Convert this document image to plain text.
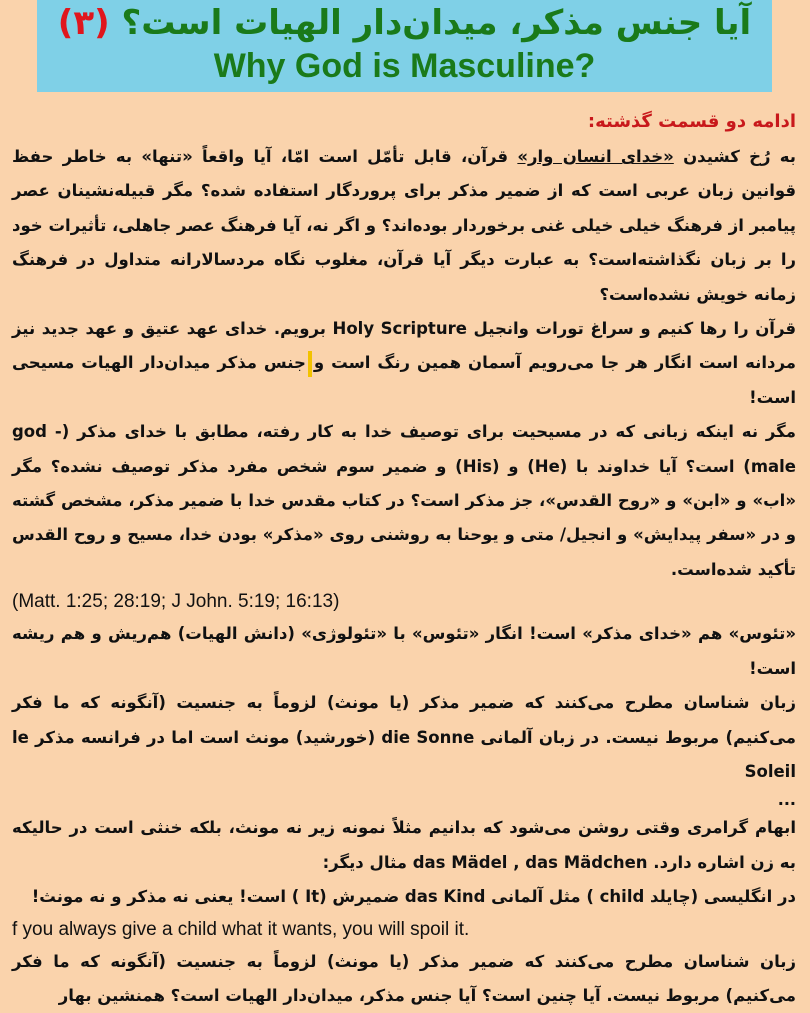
آیا جنس مذکر، میدان‌دار الهیات است؟ (۳)
Why God is Masculine?

ادامه دو قسمت گذشته:

به رُخ کشیدن «خدای انسان وار» قرآن، قابل تأمّل است امّا، آیا واقعاً «تنها» به خاطر حفظ قوانین زبان عربی است که از ضمیر مذکر برای پروردگار استفاده شده؟ مگر قبیله‌نشینان عصر پیامبر از فرهنگ خیلی خیلی غنی برخوردار بوده‌اند؟ و اگر نه، آیا فرهنگ عصر جاهلی، تأثیرات خود را بر زبان نگذاشته‌است؟ به عبارت دیگر آیا قرآن، مغلوب نگاه مردسالارانه متداول در فرهنگ زمانه خویش نشده‌است؟

قرآن را رها کنیم و سراغ تورات وانجیل Holy Scripture برویم. خدای عهد عتیق و عهد جدید نیز مردانه است انگار هر جا می‌رویم آسمان همین رنگ است وجنس مذکر میدان‌دار الهیات مسیحی است!

مگر نه اینکه زبانی که در مسیحیت برای توصیف خدا به کار رفته، مطابق با خدای مذکر (god - male) است؟ آیا خداوند با (He) و (His) و ضمیر سوم شخص مفرد مذکر توصیف نشده؟ مگر «اب» و «ابن» و «روح القدس»، جز مذکر است؟ در کتاب مقدس خدا با ضمیر مذکر، مشخص گشته و در «سفر پیدایش» و انجیل/ متی و یوحنا به روشنی روی «مذکر» بودن خدا، مسیح و روح القدس تأکید شده‌است.

(Matt. 1:25; 28:19; J John. 5:19; 16:13)

«تئوس» هم «خدای مذکر» است! انگار «تئوس» با «تئولوژی» (دانش الهیات) هم‌ریش و هم ریشه است!

زبان شناسان مطرح می‌کنند که ضمیر مذکر (یا مونث) لزوماً به جنسیت (آنگونه که ما فکر می‌کنیم) مربوط نیست. در زبان آلمانی die Sonne (خورشید) مونث است اما در فرانسه مذکر le Soleil

...

ابهام گرامری وقتی روشن می‌شود که بدانیم مثلاً نمونه زیر نه مونث، بلکه خنثی است در حالیکه به زن اشاره دارد. das Mädel , das Mädchen مثال دیگر:

در انگلیسی (چایلد child ) مثل آلمانی das Kind ضمیرش (It ) است! یعنی نه مذکر و نه مونث!

f you always give a child what it wants, you will spoil it.

زبان شناسان مطرح می‌کنند که ضمیر مذکر (یا مونث) لزوماً به جنسیت (آنگونه که ما فکر می‌کنیم) مربوط نیست. آیا چنین است؟ آیا جنس مذکر، میدان‌دار الهیات است؟ همنشین بهار
